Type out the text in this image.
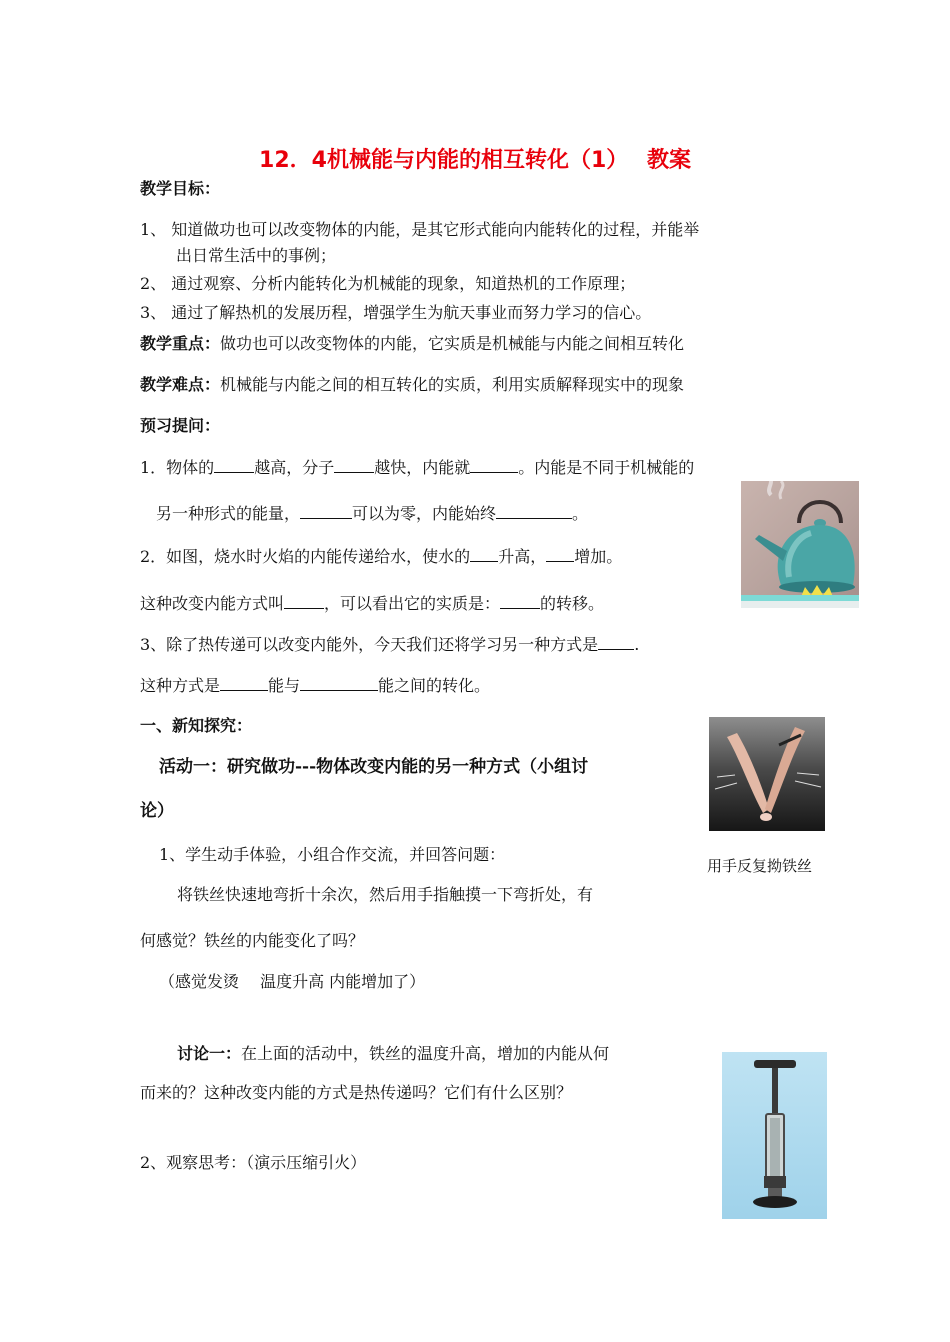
12．4机械能与内能的相互转化（1）　 教案
教学目标：
1、 知道做功也可以改变物体的内能，是其它形式能向内能转化的过程，并能举
出日常生活中的事例；
2、 通过观察、分析内能转化为机械能的现象，知道热机的工作原理；
3、 通过了解热机的发展历程，增强学生为航天事业而努力学习的信心。
教学重点：做功也可以改变物体的内能，它实质是机械能与内能之间相互转化
教学难点：机械能与内能之间的相互转化的实质，利用实质解释现实中的现象
预习提问：
1．物体的	越高，分子	越快，内能就	。内能是不同于机械能的
另一种形式的能量，	可以为零，内能始终	。
2．如图，烧水时火焰的内能传递给水，使水的 升高， 增加。
这种改变内能方式叫	，可以看出它的实质是：	的转移。
3、除了热传递可以改变内能外，今天我们还将学习另一种方式是 .
这种方式是	能与	能之间的转化。
一、新知探究：
活动一：研究做功---物体改变内能的另一种方式（小组讨
论）
1、学生动手体验，小组合作交流，并回答问题：
将铁丝快速地弯折十余次，然后用手指触摸一下弯折处，有
何感觉？铁丝的内能变化了吗？
（感觉发烫　 温度升高 内能增加了）
讨论一：在上面的活动中，铁丝的温度升高，增加的内能从何
而来的？这种改变内能的方式是热传递吗？它们有什么区别？
2、观察思考：（演示压缩引火）
用手反复拗铁丝
